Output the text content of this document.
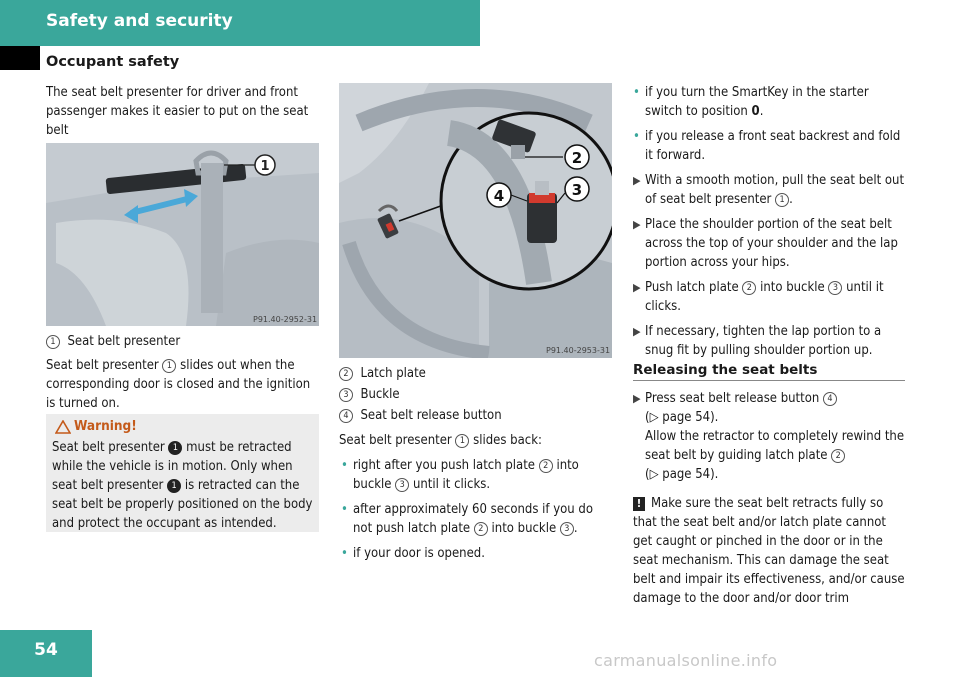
Safety and security
Occupant safety

The seat belt presenter for driver and front passenger makes it easier to put on the seat belt

1
P91.40-2952-31

1 Seat belt presenter

Seat belt presenter 1 slides out when the corresponding door is closed and the ignition is turned on.

Warning!

Seat belt presenter 1 must be retracted while the vehicle is in motion. Only when seat belt presenter 1 is retracted can the seat belt be properly positioned on the body and protect the occupant as intended.

2
3
4
P91.40-2953-31

2 Latch plate

3 Buckle

4 Seat belt release button

Seat belt presenter 1 slides back:

• right after you push latch plate 2 into buckle 3 until it clicks.
• after approximately 60 seconds if you do not push latch plate 2 into buckle 3 .
• if your door is opened.
• if you turn the SmartKey in the starter switch to position 0.
• if you release a front seat backrest and fold it forward.
▶ With a smooth motion, pull the seat belt out of seat belt presenter 1 .
▶ Place the shoulder portion of the seat belt across the top of your shoulder and the lap portion across your hips.
▶ Push latch plate 2 into buckle 3 until it clicks.
▶ If necessary, tighten the lap portion to a snug fit by pulling shoulder portion up.
Releasing the seat belts
▶ Press seat belt release button 4
(▷ page 54).
Allow the retractor to completely rewind the seat belt by guiding latch plate 2
(▷ page 54).

! Make sure the seat belt retracts fully so that the seat belt and/or latch plate cannot get caught or pinched in the door or in the seat mechanism. This can damage the seat belt and impair its effectiveness, and/or cause damage to the door and/or door trim

54
carmanualsonline.info
